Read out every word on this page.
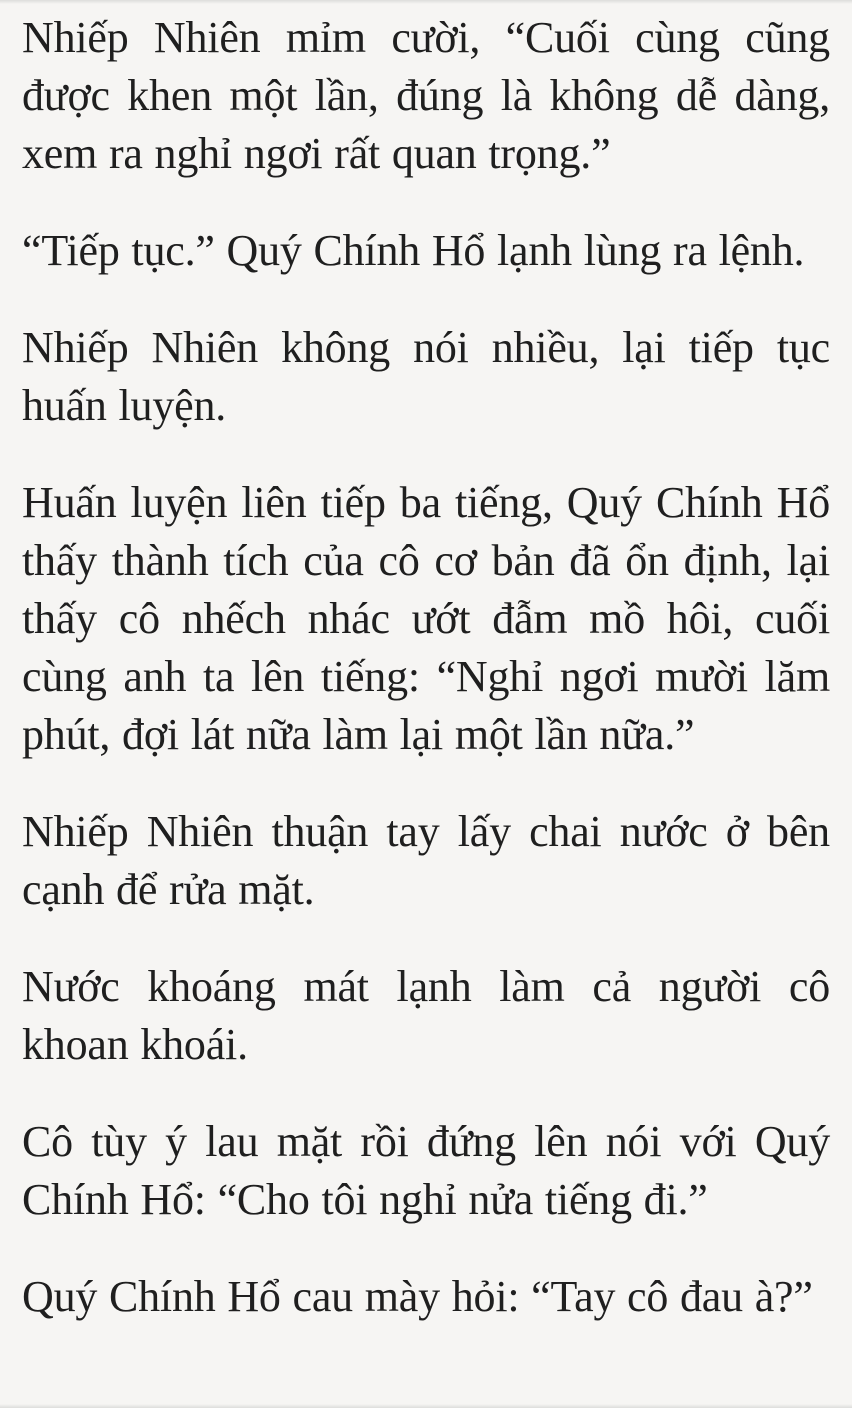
Nhiếp Nhiên mỉm cười, “Cuối cùng cũng được khen một lần, đúng là không dễ dàng, xem ra nghỉ ngơi rất quan trọng.”

“Tiếp tục.” Quý Chính Hổ lạnh lùng ra lệnh.

Nhiếp Nhiên không nói nhiều, lại tiếp tục huấn luyện.

Huấn luyện liên tiếp ba tiếng, Quý Chính Hổ thấy thành tích của cô cơ bản đã ổn định, lại thấy cô nhếch nhác ướt đẫm mồ hôi, cuối cùng anh ta lên tiếng: “Nghỉ ngơi mười lăm phút, đợi lát nữa làm lại một lần nữa.”

Nhiếp Nhiên thuận tay lấy chai nước ở bên cạnh để rửa mặt.

Nước khoáng mát lạnh làm cả người cô khoan khoái.

Cô tùy ý lau mặt rồi đứng lên nói với Quý Chính Hổ: “Cho tôi nghỉ nửa tiếng đi.”

Quý Chính Hổ cau mày hỏi: “Tay cô đau à?”
